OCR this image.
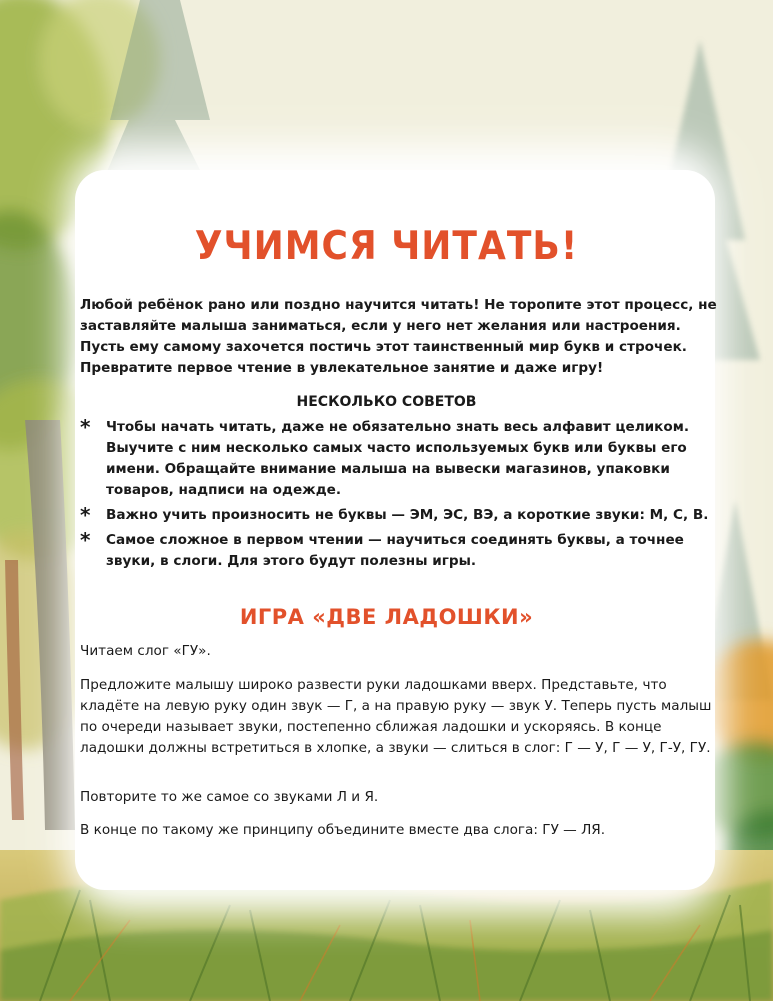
УЧИМСЯ ЧИТАТЬ!
Любой ребёнок рано или поздно научится читать! Не торопите этот процесс, не заставляйте малыша заниматься, если у него нет желания или настроения. Пусть ему самому захочется постичь этот таинственный мир букв и строчек. Превратите первое чтение в увлекательное занятие и даже игру!
НЕСКОЛЬКО СОВЕТОВ
* Чтобы начать читать, даже не обязательно знать весь алфавит целиком. Выучите с ним несколько самых часто используемых букв или буквы его имени. Обращайте внимание малыша на вывески магазинов, упаковки товаров, надписи на одежде.
* Важно учить произносить не буквы — ЭМ, ЭС, ВЭ, а короткие звуки: М, С, В.
* Самое сложное в первом чтении — научиться соединять буквы, а точнее звуки, в слоги. Для этого будут полезны игры.
ИГРА «ДВЕ ЛАДОШКИ»

Читаем слог «ГУ».

Предложите малышу широко развести руки ладошками вверх. Представьте, что кладёте на левую руку один звук — Г, а на правую руку — звук У. Теперь пусть малыш по очереди называет звуки, постепенно сближая ладошки и ускоряясь. В конце ладошки должны встретиться в хлопке, а звуки — слиться в слог: Г — У, Г — У, Г-У, ГУ.

Повторите то же самое со звуками Л и Я.

В конце по такому же принципу объедините вместе два слога: ГУ — ЛЯ.
